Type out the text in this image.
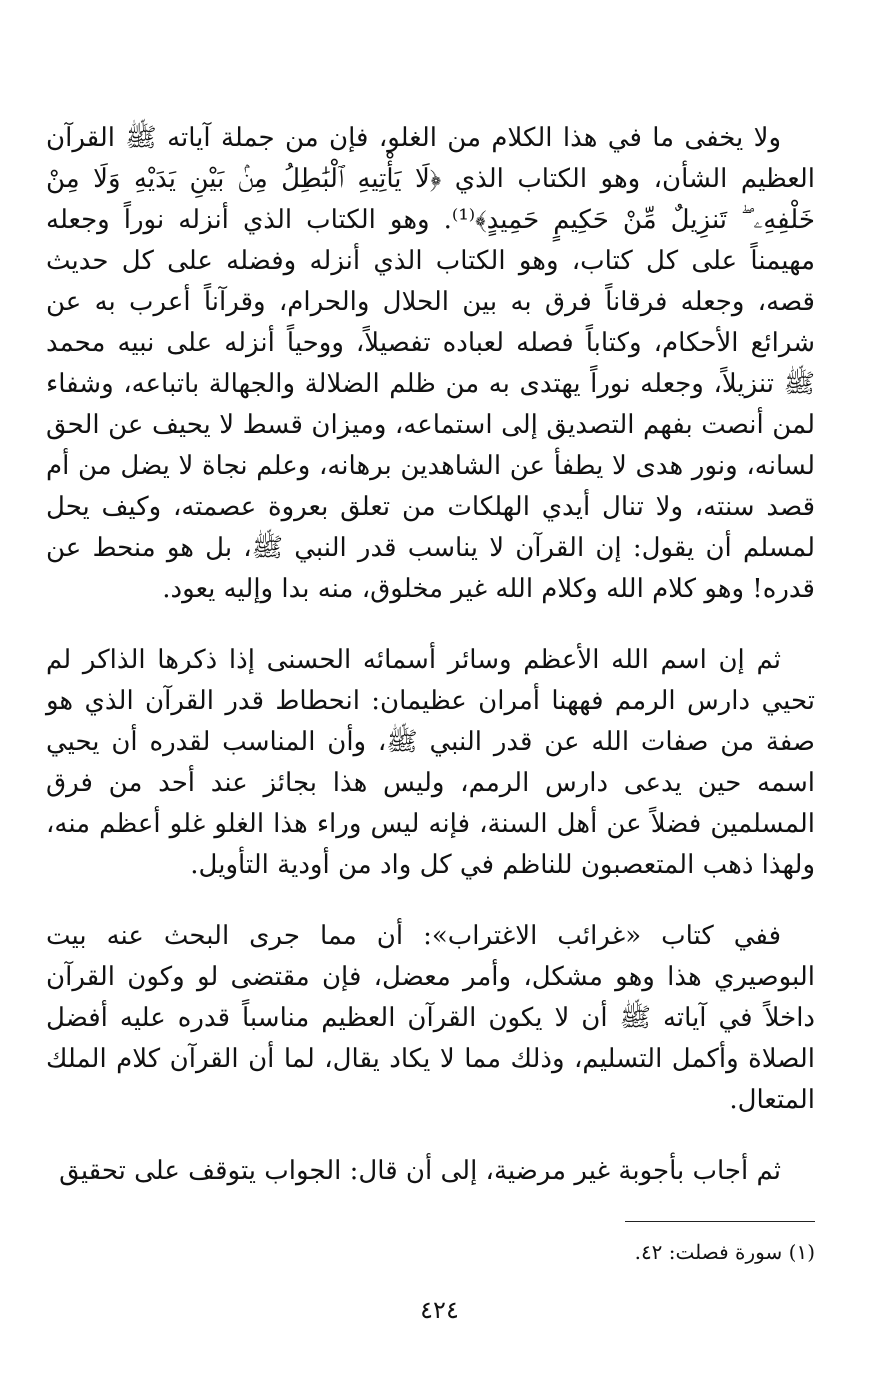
ولا يخفى ما في هذا الكلام من الغلو، فإن من جملة آياته ﷺ القرآن العظيم الشأن، وهو الكتاب الذي ﴿لَا يَأْتِيهِ ٱلْبَٰطِلُ مِنۢ بَيْنِ يَدَيْهِ وَلَا مِنْ خَلْفِهِۦ ۖ تَنزِيلٌ مِّنْ حَكِيمٍ حَمِيدٍ﴾⁽¹⁾. وهو الكتاب الذي أنزله نوراً وجعله مهيمناً على كل كتاب، وهو الكتاب الذي أنزله وفضله على كل حديث قصه، وجعله فرقاناً فرق به بين الحلال والحرام، وقرآناً أعرب به عن شرائع الأحكام، وكتاباً فصله لعباده تفصيلاً، ووحياً أنزله على نبيه محمد ﷺ تنزيلاً، وجعله نوراً يهتدى به من ظلم الضلالة والجهالة باتباعه، وشفاء لمن أنصت بفهم التصديق إلى استماعه، وميزان قسط لا يحيف عن الحق لسانه، ونور هدى لا يطفأ عن الشاهدين برهانه، وعلم نجاة لا يضل من أم قصد سنته، ولا تنال أيدي الهلكات من تعلق بعروة عصمته، وكيف يحل لمسلم أن يقول: إن القرآن لا يناسب قدر النبي ﷺ، بل هو منحط عن قدره! وهو كلام الله وكلام الله غير مخلوق، منه بدا وإليه يعود.

ثم إن اسم الله الأعظم وسائر أسمائه الحسنى إذا ذكرها الذاكر لم تحيي دارس الرمم فههنا أمران عظيمان: انحطاط قدر القرآن الذي هو صفة من صفات الله عن قدر النبي ﷺ، وأن المناسب لقدره أن يحيي اسمه حين يدعى دارس الرمم، وليس هذا بجائز عند أحد من فرق المسلمين فضلاً عن أهل السنة، فإنه ليس وراء هذا الغلو غلو أعظم منه، ولهذا ذهب المتعصبون للناظم في كل واد من أودية التأويل.

ففي كتاب «غرائب الاغتراب»: أن مما جرى البحث عنه بيت البوصيري هذا وهو مشكل، وأمر معضل، فإن مقتضى لو وكون القرآن داخلاً في آياته ﷺ أن لا يكون القرآن العظيم مناسباً قدره عليه أفضل الصلاة وأكمل التسليم، وذلك مما لا يكاد يقال، لما أن القرآن كلام الملك المتعال.

ثم أجاب بأجوبة غير مرضية، إلى أن قال: الجواب يتوقف على تحقيق

(١) سورة فصلت: ٤٢.

٤٢٤
